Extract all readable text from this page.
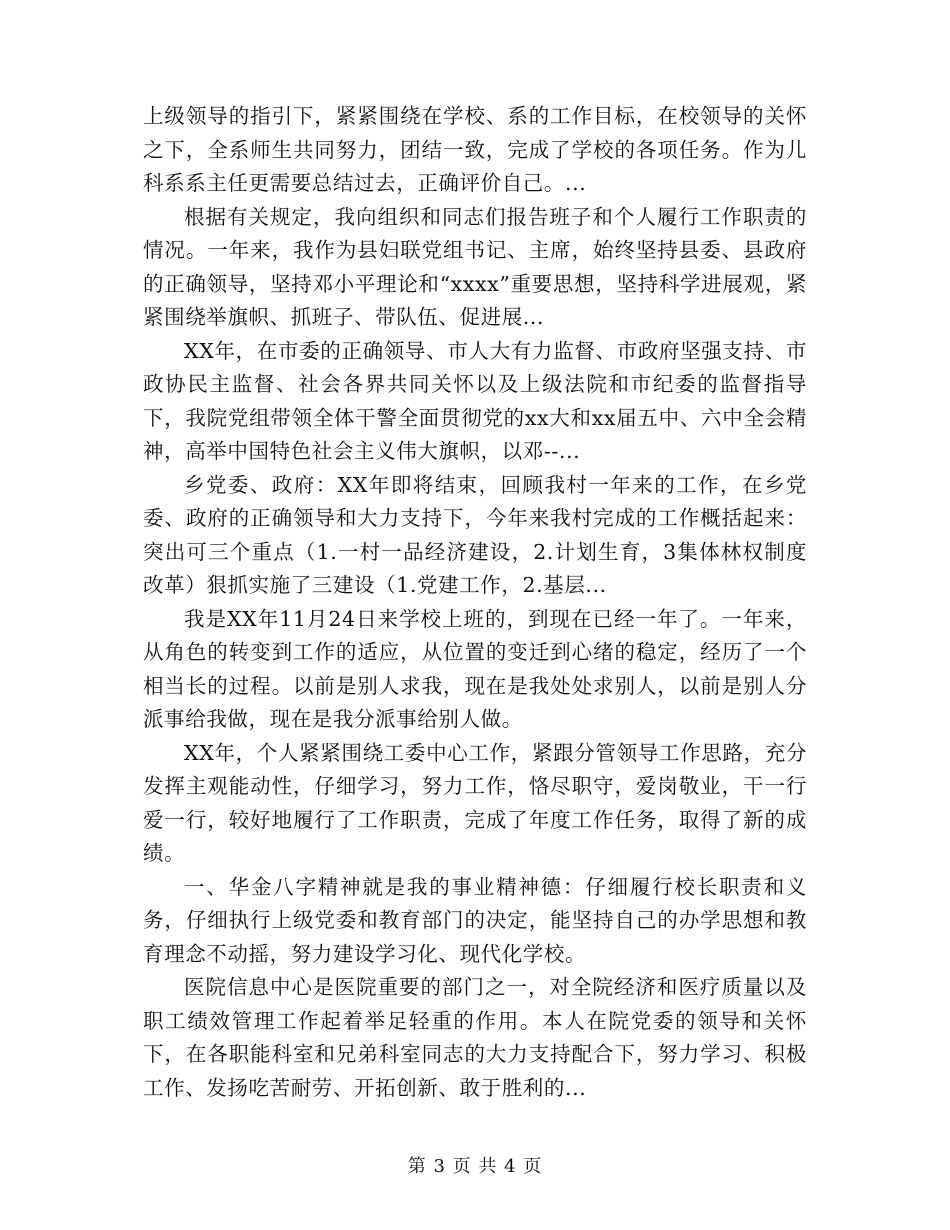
上级领导的指引下，紧紧围绕在学校、系的工作目标，在校领导的关怀之下，全系师生共同努力，团结一致，完成了学校的各项任务。作为儿科系系主任更需要总结过去，正确评价自己。...

根据有关规定，我向组织和同志们报告班子和个人履行工作职责的情况。一年来，我作为县妇联党组书记、主席，始终坚持县委、县政府的正确领导，坚持邓小平理论和“xxxx”重要思想，坚持科学进展观，紧紧围绕举旗帜、抓班子、带队伍、促进展...

XX年，在市委的正确领导、市人大有力监督、市政府坚强支持、市政协民主监督、社会各界共同关怀以及上级法院和市纪委的监督指导下，我院党组带领全体干警全面贯彻党的xx大和xx届五中、六中全会精神，高举中国特色社会主义伟大旗帜，以邓--...

乡党委、政府：XX年即将结束，回顾我村一年来的工作，在乡党委、政府的正确领导和大力支持下，今年来我村完成的工作概括起来：突出可三个重点（1.一村一品经济建设，2.计划生育，3集体林权制度改革）狠抓实施了三建设（1.党建工作，2.基层...

我是XX年11月24日来学校上班的，到现在已经一年了。一年来，从角色的转变到工作的适应，从位置的变迁到心绪的稳定，经历了一个相当长的过程。以前是别人求我，现在是我处处求别人，以前是别人分派事给我做，现在是我分派事给别人做。

XX年，个人紧紧围绕工委中心工作，紧跟分管领导工作思路，充分发挥主观能动性，仔细学习，努力工作，恪尽职守，爱岗敬业，干一行爱一行，较好地履行了工作职责，完成了年度工作任务，取得了新的成绩。

一、华金八字精神就是我的事业精神德：仔细履行校长职责和义务，仔细执行上级党委和教育部门的决定，能坚持自己的办学思想和教育理念不动摇，努力建设学习化、现代化学校。

医院信息中心是医院重要的部门之一，对全院经济和医疗质量以及职工绩效管理工作起着举足轻重的作用。本人在院党委的领导和关怀下，在各职能科室和兄弟科室同志的大力支持配合下，努力学习、积极工作、发扬吃苦耐劳、开拓创新、敢于胜利的...

第 3 页 共 4 页
